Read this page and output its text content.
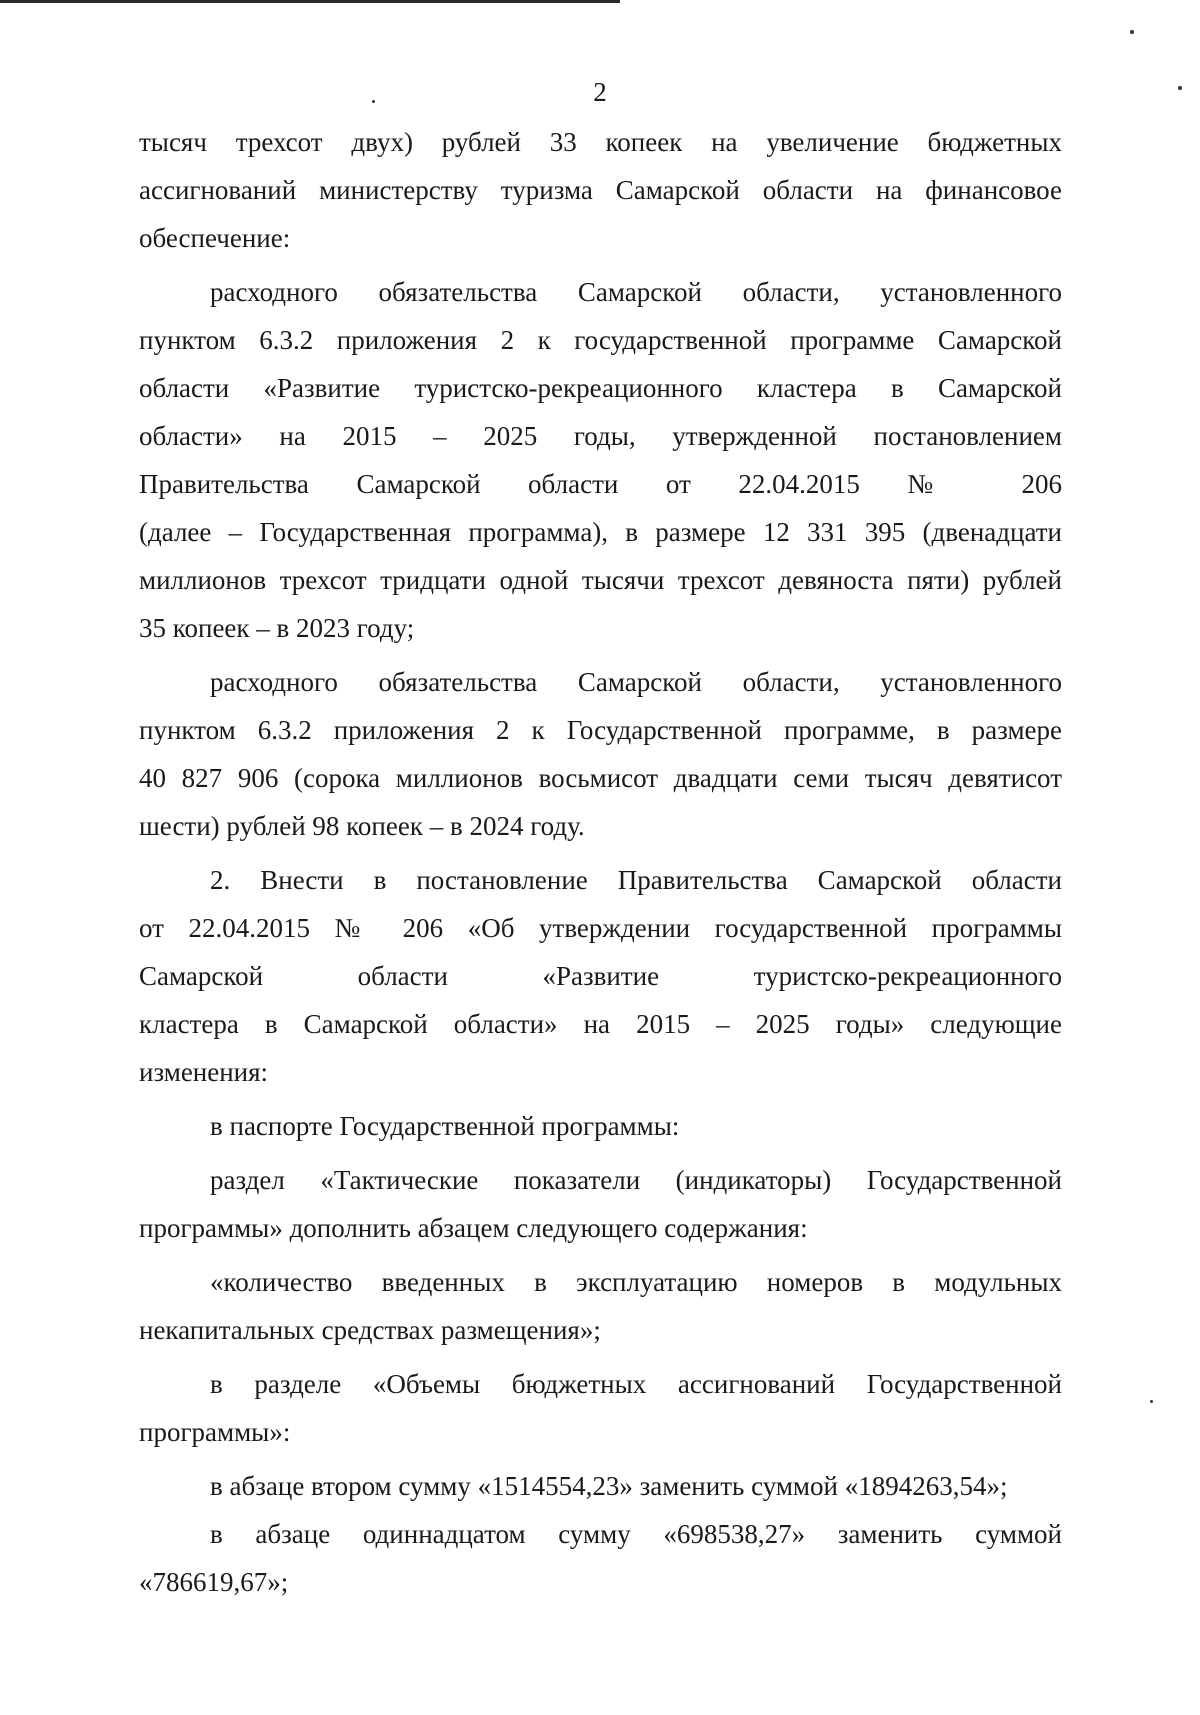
2
тысяч трехсот двух) рублей 33 копеек на увеличение бюджетных
ассигнований министерству туризма Самарской области на финансовое
обеспечение:
расходного обязательства Самарской области, установленного
пунктом 6.3.2 приложения 2 к государственной программе Самарской
области «Развитие туристско-рекреационного кластера в Самарской
области» на 2015 – 2025 годы, утвержденной постановлением
Правительства Самарской области от 22.04.2015 № 206
(далее – Государственная программа), в размере 12 331 395 (двенадцати
миллионов трехсот тридцати одной тысячи трехсот девяноста пяти) рублей
35 копеек – в 2023 году;
расходного обязательства Самарской области, установленного
пунктом 6.3.2 приложения 2 к Государственной программе, в размере
40 827 906 (сорока миллионов восьмисот двадцати семи тысяч девятисот
шести) рублей 98 копеек – в 2024 году.
2. Внести в постановление Правительства Самарской области
от 22.04.2015 № 206 «Об утверждении государственной программы
Самарской области «Развитие туристско-рекреационного
кластера в Самарской области» на 2015 – 2025 годы» следующие
изменения:
в паспорте Государственной программы:
раздел «Тактические показатели (индикаторы) Государственной
программы» дополнить абзацем следующего содержания:
«количество введенных в эксплуатацию номеров в модульных
некапитальных средствах размещения»;
в разделе «Объемы бюджетных ассигнований Государственной
программы»:
в абзаце втором сумму «1514554,23» заменить суммой «1894263,54»;
в абзаце одиннадцатом сумму «698538,27» заменить суммой
«786619,67»;
